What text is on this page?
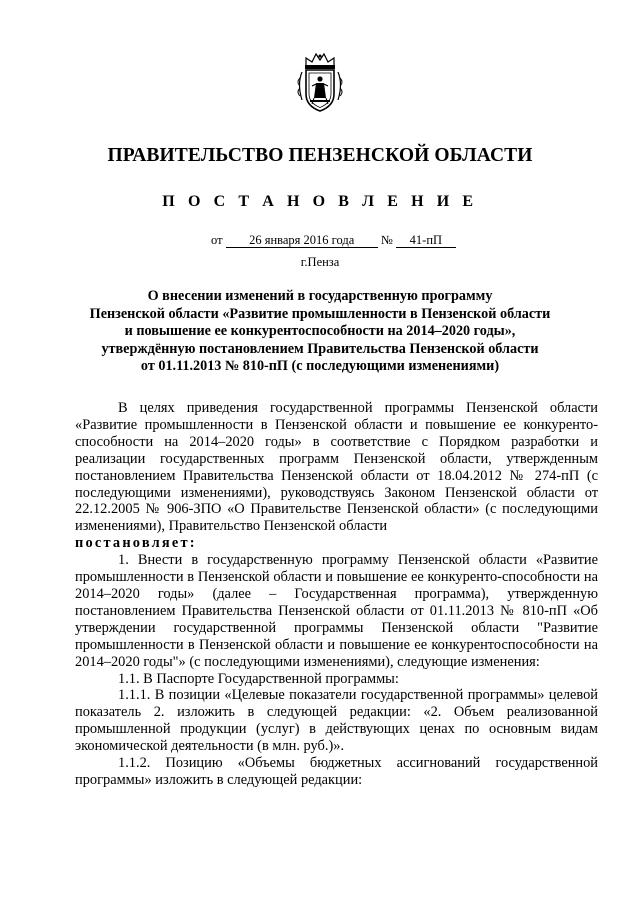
ПРАВИТЕЛЬСТВО ПЕНЗЕНСКОЙ ОБЛАСТИ
П О С Т А Н О В Л Е Н И Е
от 26 января 2016 года № 41-пП
г.Пенза
О внесении изменений в государственную программу
Пензенской области «Развитие промышленности в Пензенской области
и повышение ее конкурентоспособности на 2014–2020 годы»,
утверждённую постановлением Правительства Пензенской области
от 01.11.2013 № 810-пП (с последующими изменениями)

В целях приведения государственной программы Пензенской области «Развитие промышленности в Пензенской области и повышение ее конкуренто-способности на 2014–2020 годы» в соответствие с Порядком разработки и реализации государственных программ Пензенской области, утвержденным постановлением Правительства Пензенской области от 18.04.2012 № 274-пП (с последующими изменениями), руководствуясь Законом Пензенской области от 22.12.2005 № 906-ЗПО «О Правительстве Пензенской области» (с последующими изменениями), Правительство Пензенской области

постановляет:

1. Внести в государственную программу Пензенской области «Развитие промышленности в Пензенской области и повышение ее конкуренто-способности на 2014–2020 годы» (далее – Государственная программа), утвержденную постановлением Правительства Пензенской области от 01.11.2013 № 810-пП «Об утверждении государственной программы Пензенской области "Развитие промышленности в Пензенской области и повышение ее конкурентоспособности на 2014–2020 годы"» (с последующими изменениями), следующие изменения:

1.1. В Паспорте Государственной программы:

1.1.1. В позиции «Целевые показатели государственной программы» целевой показатель 2. изложить в следующей редакции: «2. Объем реализованной промышленной продукции (услуг) в действующих ценах по основным видам экономической деятельности (в млн. руб.)».

1.1.2. Позицию «Объемы бюджетных ассигнований государственной программы» изложить в следующей редакции:
